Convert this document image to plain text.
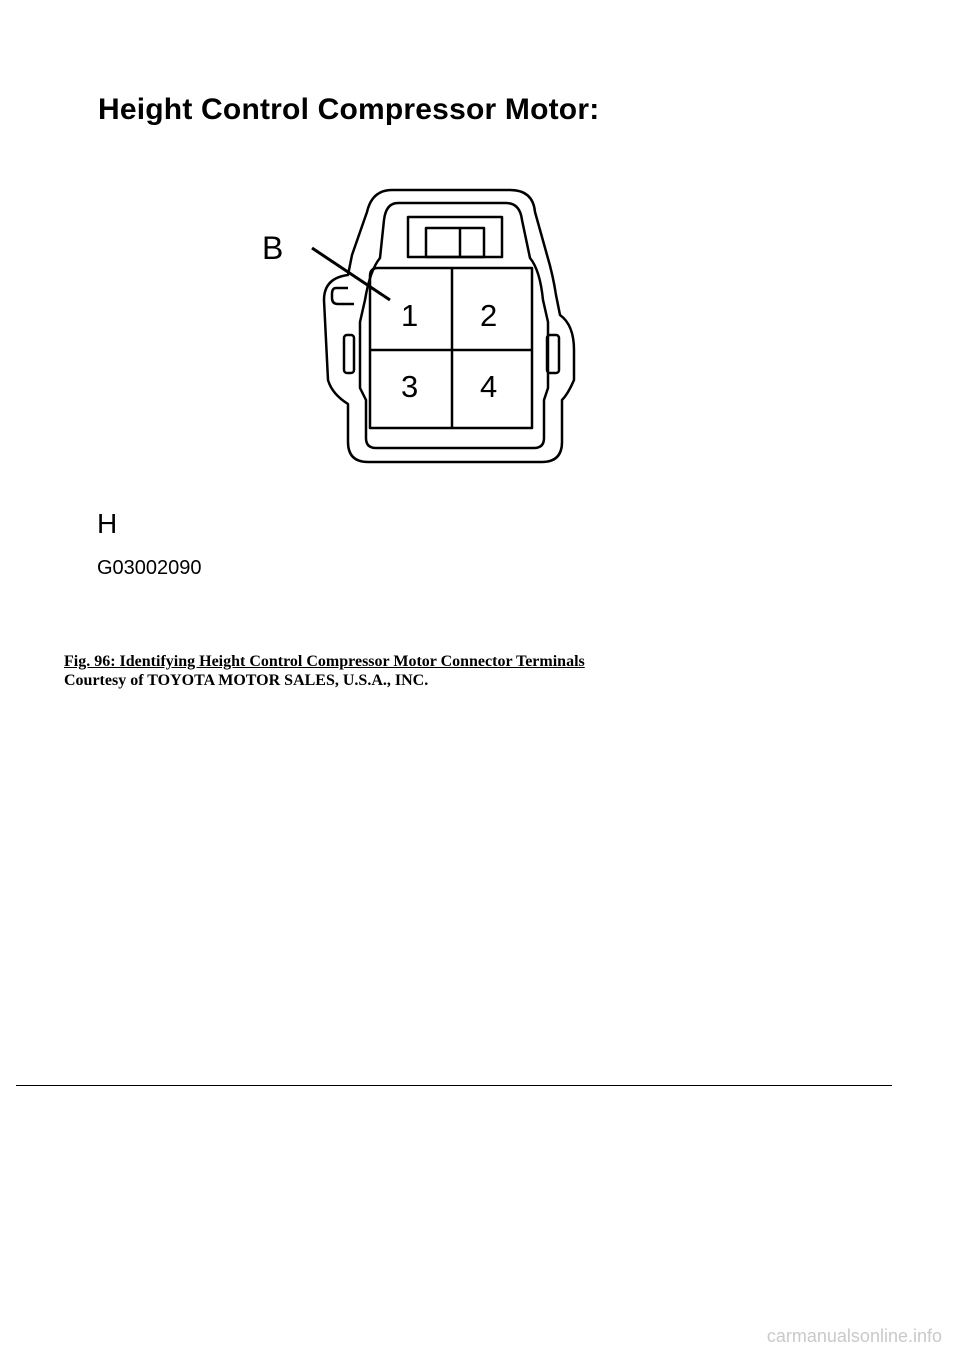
Height Control Compressor Motor:
B
1 2
3 4
H
G03002090
Fig. 96: Identifying Height Control Compressor Motor Connector Terminals
Courtesy of TOYOTA MOTOR SALES, U.S.A., INC.
carmanualsonline.info
